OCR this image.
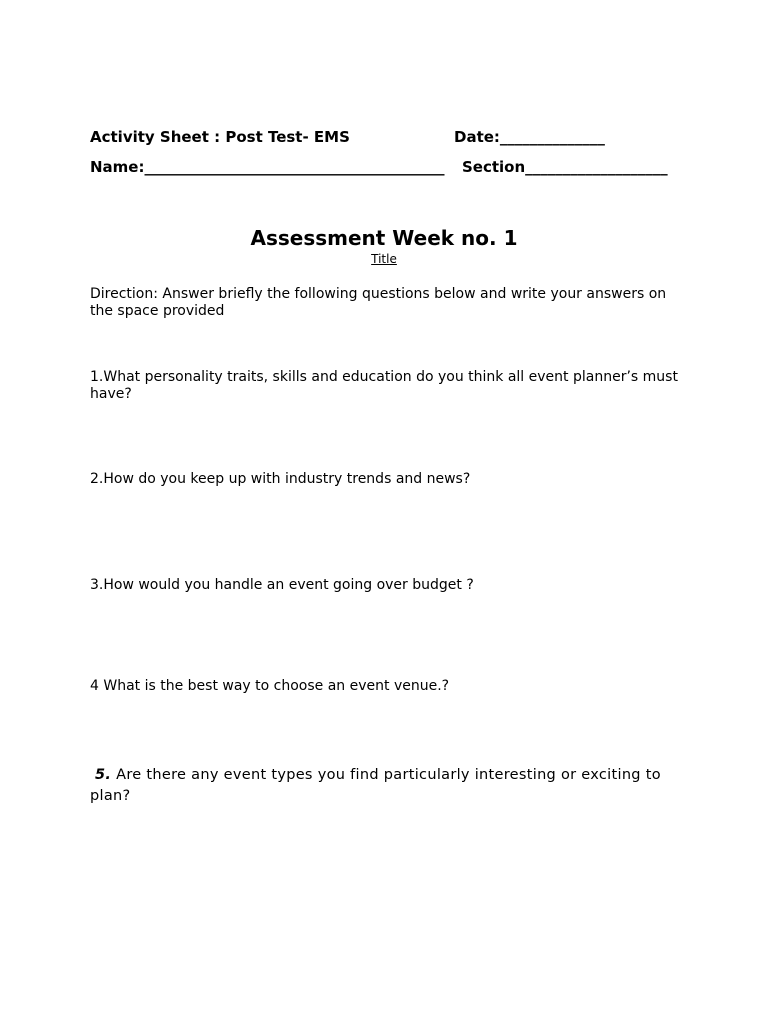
Activity Sheet : Post Test- EMS	Date:______________
Name:________________________________________	Section___________________
Assessment Week no. 1
Title
Direction: Answer briefly the following questions below and write your answers on the space provided
1.What personality traits, skills and education do you think all event planner’s must have?
2.How do you keep up with industry trends and news?
3.How would you handle an event going over budget ?
4 What is the best way to choose an event venue.?
5. Are there any event types you find particularly interesting or exciting to plan?
